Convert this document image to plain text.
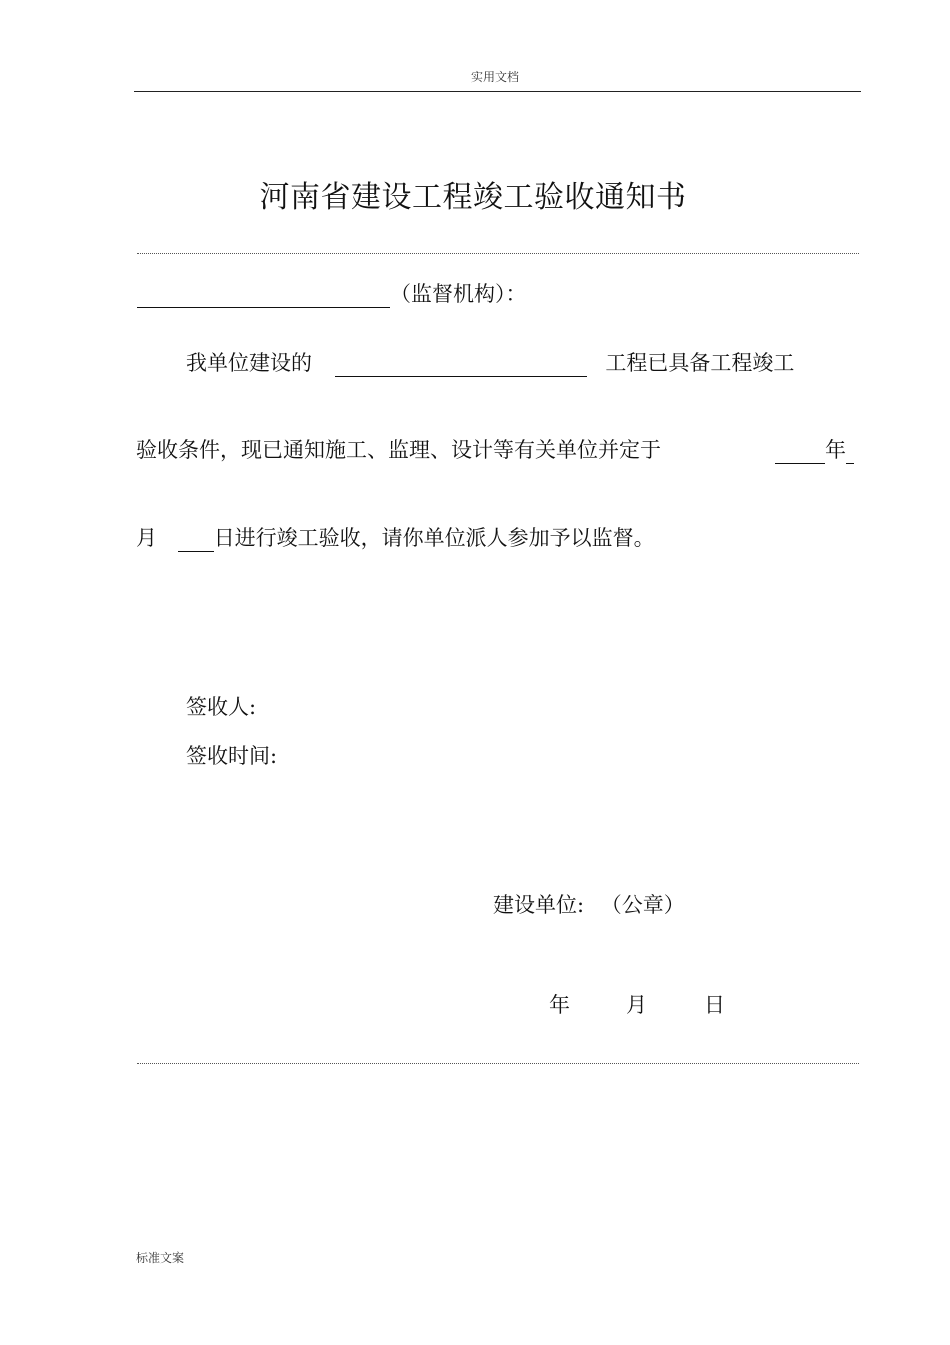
实用文档
河南省建设工程竣工验收通知书
（监督机构）：
我单位建设的	工程已具备工程竣工
验收条件，现已通知施工、监理、设计等有关单位并定于	年
月	日进行竣工验收，请你单位派人参加予以监督。
签收人:
签收时间:
建设单位: （公章）
年	月	日
标准文案
